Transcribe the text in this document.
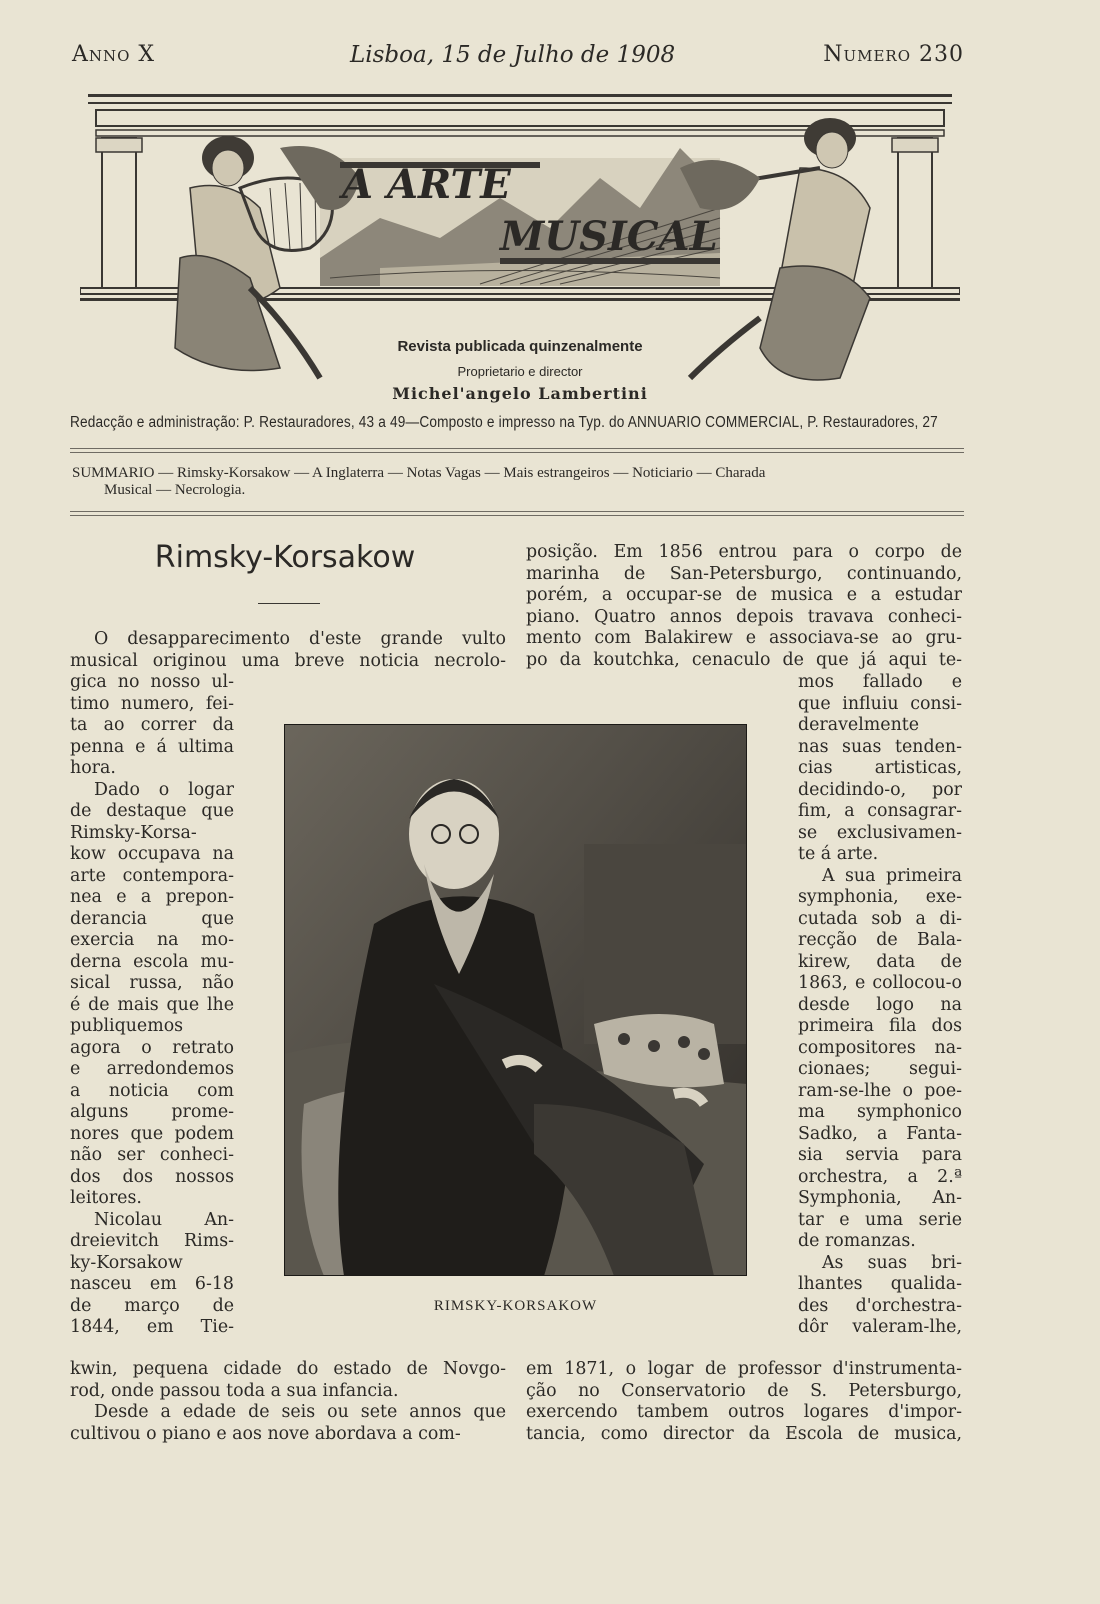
Anno X	Lisboa, 15 de Julho de 1908	Numero 230
A ARTE
MUSICAL
Revista publicada quinzenalmente
Proprietario e director
Michel'angelo Lambertini
Redacção e administração: P. Restauradores, 43 a 49—Composto e impresso na Typ. do ANNUARIO COMMERCIAL, P. Restauradores, 27
SUMMARIO — Rimsky-Korsakow — A Inglaterra — Notas Vagas — Mais estrangeiros — Noticiario — Charada
Musical — Necrologia.
Rimsky-Korsakow

O desapparecimento d'este grande vulto

musical originou uma breve noticia necrolo-

gica no nosso ul-

timo numero, fei-

ta ao correr da

penna e á ultima

hora.

Dado o logar

de destaque que

Rimsky-Korsa-

kow occupava na

arte contempora-

nea e a prepon-

derancia que

exercia na mo-

derna escola mu-

sical russa, não

é de mais que lhe

publiquemos

agora o retrato

e arredondemos

a noticia com

alguns prome-

nores que podem

não ser conheci-

dos dos nossos

leitores.

Nicolau An-

dreievitch Rims-

ky-Korsakow

nasceu em 6-18

de março de

1844, em Tie-

kwin, pequena cidade do estado de Novgo-

rod, onde passou toda a sua infancia.

Desde a edade de seis ou sete annos que

cultivou o piano e aos nove abordava a com-

posição. Em 1856 entrou para o corpo de

marinha de San-Petersburgo, continuando,

porém, a occupar-se de musica e a estudar

piano. Quatro annos depois travava conheci-

mento com Balakirew e associava-se ao gru-

po da koutchka, cenaculo de que já aqui te-

mos fallado e

que influiu consi-

deravelmente

nas suas tenden-

cias artisticas,

decidindo-o, por

fim, a consagrar-

se exclusivamen-

te á arte.

A sua primeira

symphonia, exe-

cutada sob a di-

recção de Bala-

kirew, data de

1863, e collocou-o

desde logo na

primeira fila dos

compositores na-

cionaes; segui-

ram-se-lhe o poe-

ma symphonico

Sadko, a Fanta-

sia servia para

orchestra, a 2.ª

Symphonia, An-

tar e uma serie

de romanzas.

As suas bri-

lhantes qualida-

des d'orchestra-

dôr valeram-lhe,

em 1871, o logar de professor d'instrumenta-

ção no Conservatorio de S. Petersburgo,

exercendo tambem outros logares d'impor-

tancia, como director da Escola de musica,

RIMSKY-KORSAKOW
